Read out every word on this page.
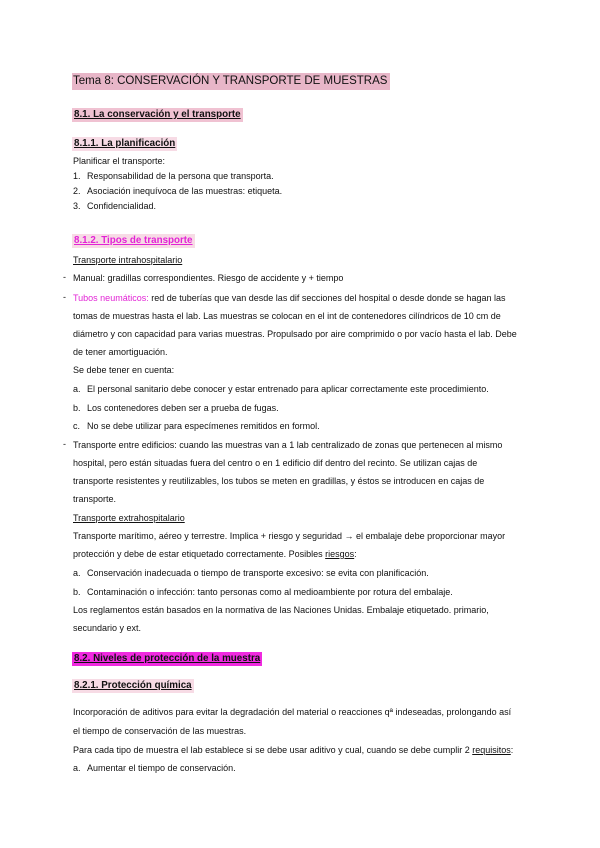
Tema 8: CONSERVACIÓN Y TRANSPORTE DE MUESTRAS
8.1. La conservación y el transporte
8.1.1. La planificación
Planificar el transporte:
1. Responsabilidad de la persona que transporta.
2. Asociación inequívoca de las muestras: etiqueta.
3. Confidencialidad.
8.1.2. Tipos de transporte
Transporte intrahospitalario
- Manual: gradillas correspondientes. Riesgo de accidente y + tiempo
- Tubos neumáticos: red de tuberías que van desde las dif secciones del hospital o desde donde se hagan las
tomas de muestras hasta el lab. Las muestras se colocan en el int de contenedores cilíndricos de 10 cm de
diámetro y con capacidad para varias muestras. Propulsado por aire comprimido o por vacío hasta el lab. Debe
de tener amortiguación.
Se debe tener en cuenta:
a. El personal sanitario debe conocer y estar entrenado para aplicar correctamente este procedimiento.
b. Los contenedores deben ser a prueba de fugas.
c. No se debe utilizar para especímenes remitidos en formol.
- Transporte entre edificios: cuando las muestras van a 1 lab centralizado de zonas que pertenecen al mismo
hospital, pero están situadas fuera del centro o en 1 edificio dif dentro del recinto. Se utilizan cajas de
transporte resistentes y reutilizables, los tubos se meten en gradillas, y éstos se introducen en cajas de
transporte.
Transporte extrahospitalario
Transporte marítimo, aéreo y terrestre. Implica + riesgo y seguridad → el embalaje debe proporcionar mayor
protección y debe de estar etiquetado correctamente. Posibles riesgos:
a. Conservación inadecuada o tiempo de transporte excesivo: se evita con planificación.
b. Contaminación o infección: tanto personas como al medioambiente por rotura del embalaje.
Los reglamentos están basados en la normativa de las Naciones Unidas. Embalaje etiquetado. primario,
secundario y ext.
8.2. Niveles de protección de la muestra
8.2.1. Protección química
Incorporación de aditivos para evitar la degradación del material o reacciones qª indeseadas, prolongando así
el tiempo de conservación de las muestras.
Para cada tipo de muestra el lab establece si se debe usar aditivo y cual, cuando se debe cumplir 2 requisitos:
a. Aumentar el tiempo de conservación.
